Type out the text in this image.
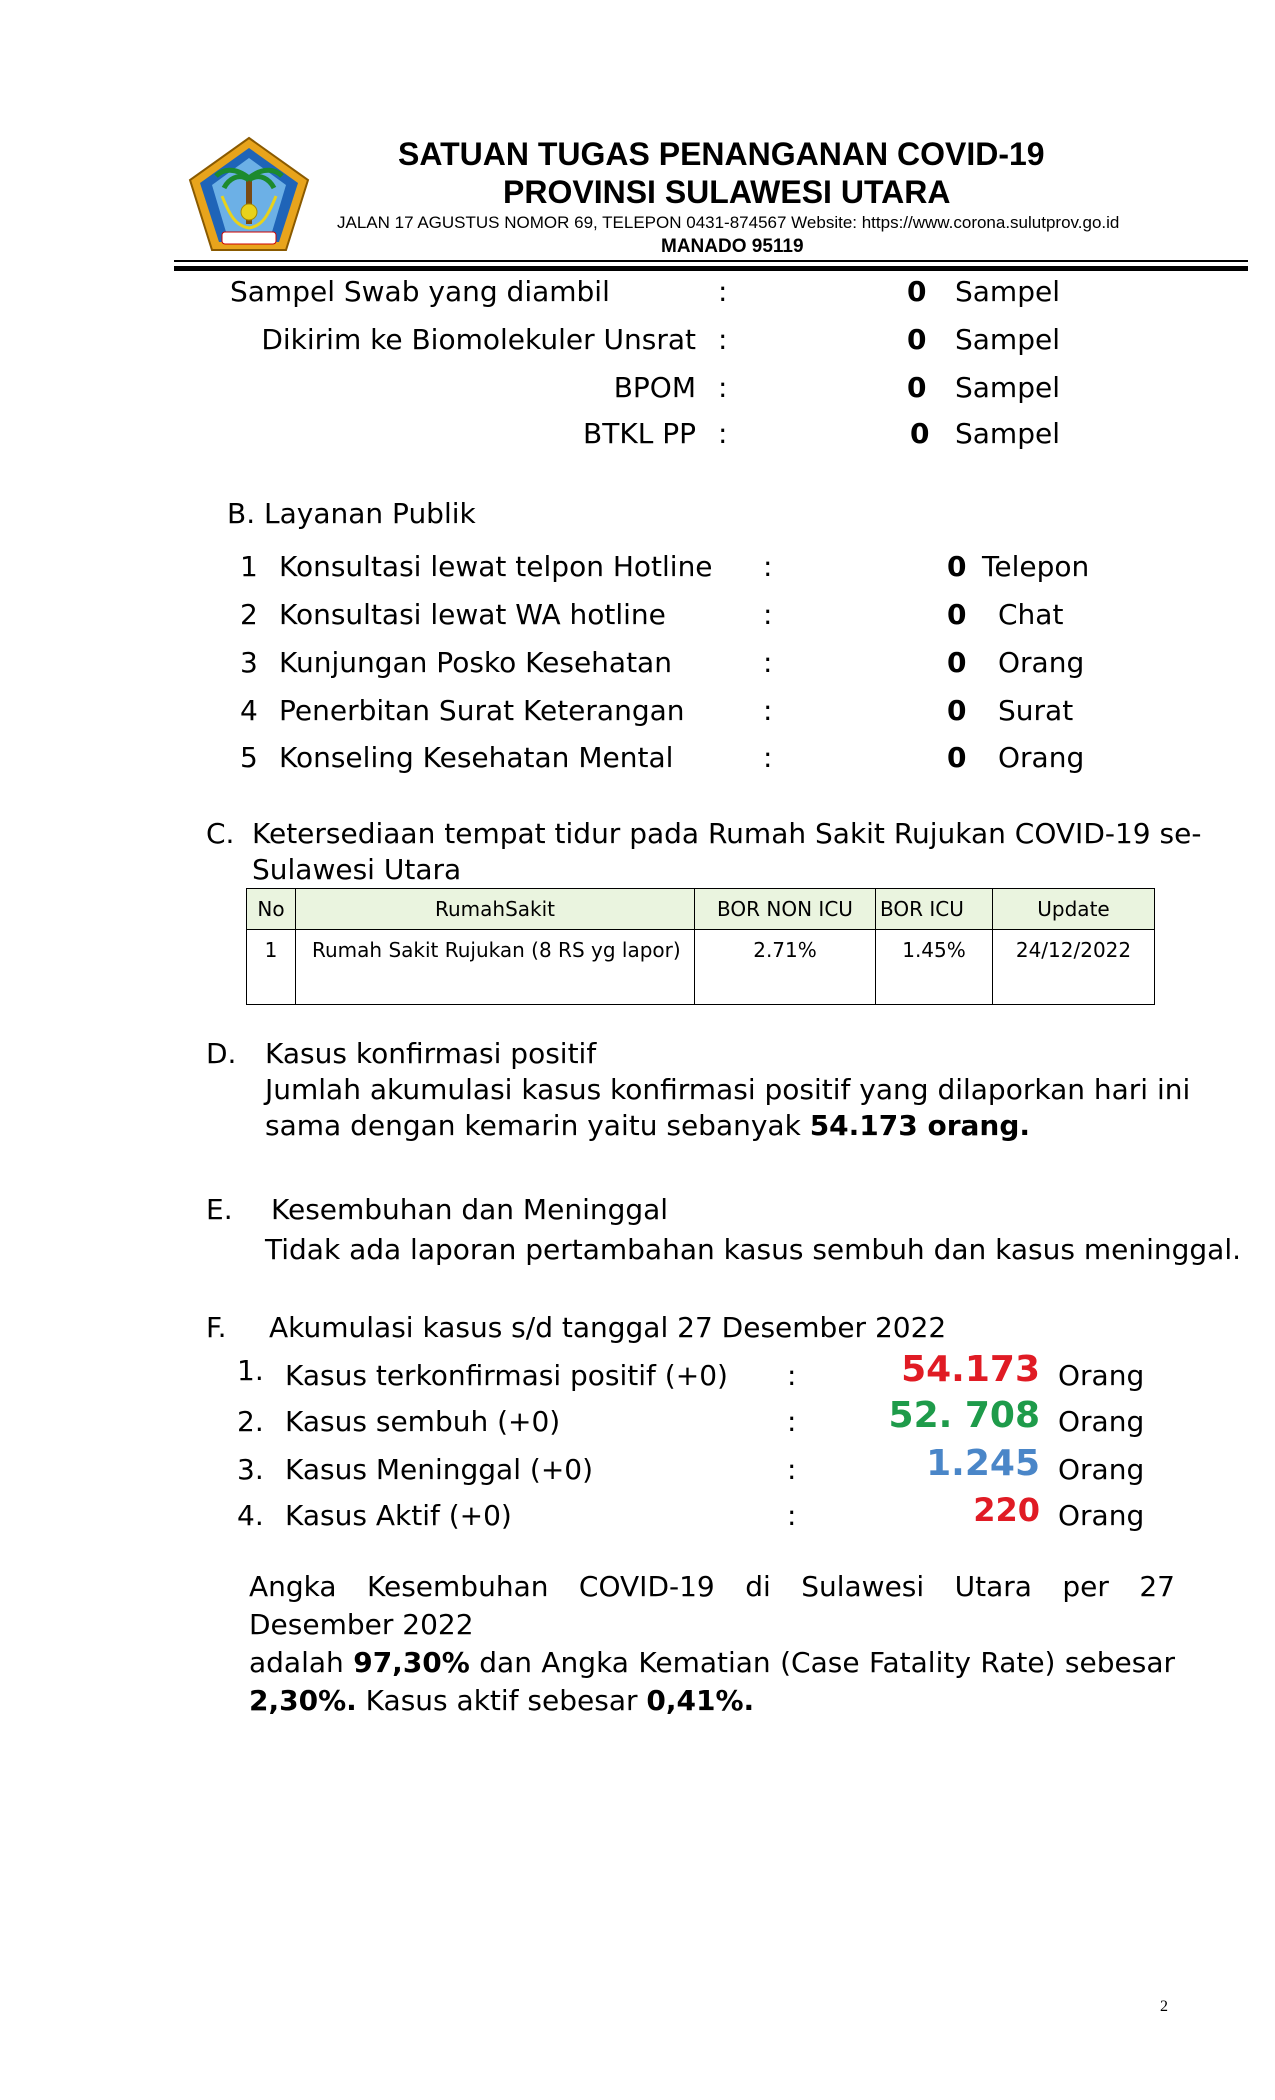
SATUAN TUGAS PENANGANAN COVID-19
PROVINSI SULAWESI UTARA
JALAN 17 AGUSTUS NOMOR 69, TELEPON 0431-874567 Website: https://www.corona.sulutprov.go.id
MANADO 95119
Sampel Swab yang diambil	:	0 Sampel
Dikirim ke Biomolekuler Unsrat :	0 Sampel
BPOM :	0 Sampel
BTKL PP :	0 Sampel
B. Layanan Publik
1 Konsultasi lewat telpon Hotline :	0 Telepon
2 Konsultasi lewat WA hotline	:	0 Chat
3 Kunjungan Posko Kesehatan	:	0 Orang
4 Penerbitan Surat Keterangan	:	0 Surat
5 Konseling Kesehatan Mental	:	0 Orang
C. Ketersediaan tempat tidur pada Rumah Sakit Rujukan COVID-19 se-
Sulawesi Utara
No	RumahSakit	BOR NON ICU	BOR ICU	Update
1	Rumah Sakit Rujukan (8 RS yg lapor)	2.71%	1.45%	24/12/2022
D. Kasus konfirmasi positif
Jumlah akumulasi kasus konfirmasi positif yang dilaporkan hari ini
sama dengan kemarin yaitu sebanyak 54.173 orang.
E. Kesembuhan dan Meninggal
Tidak ada laporan pertambahan kasus sembuh dan kasus meninggal.
F. Akumulasi kasus s/d tanggal 27 Desember 2022
1. Kasus terkonfirmasi positif (+0) :	54.173 Orang
2. Kasus sembuh (+0)	:	52. 708 Orang
3. Kasus Meninggal (+0)	:	1.245 Orang
4. Kasus Aktif (+0)	:	220 Orang
Angka Kesembuhan COVID-19 di Sulawesi Utara per 27 Desember 2022
adalah 97,30% dan Angka Kematian (Case Fatality Rate) sebesar
2,30%. Kasus aktif sebesar 0,41%.
2
